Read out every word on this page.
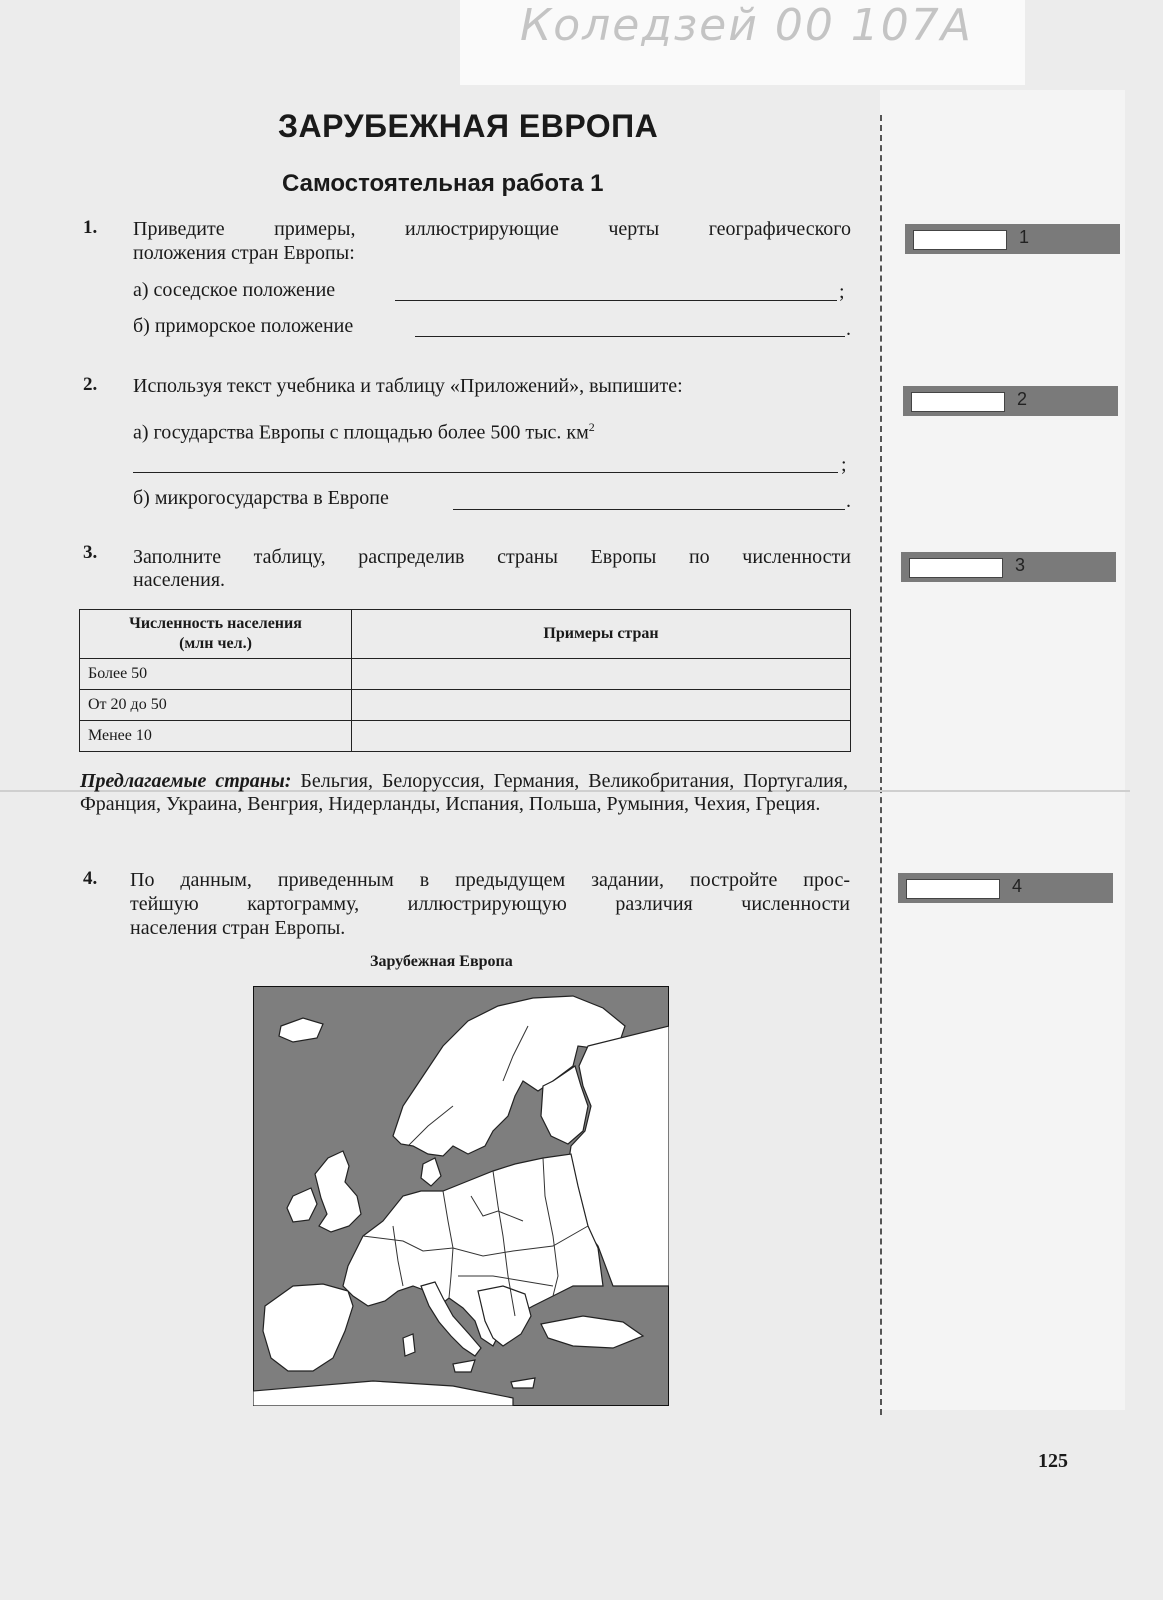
Коледзей 00 107A
ЗАРУБЕЖНАЯ ЕВРОПА
Самостоятельная работа 1
1. Приведите примеры, иллюстрирующие черты географического
положения стран Европы:
а) соседское положение	;
б) приморское положение	.
2. Используя текст учебника и таблицу «Приложений», выпишите:
а) государства Европы с площадью более 500 тыс. $км^2$
;
б) микрогосударства в Европе	.
3. Заполните таблицу, распределив страны Европы по численности
населения.
Численность населения
(млн чел.)	Примеры стран
Более 50	
От 20 до 50	
Менее 10	
Предлагаемые страны: Бельгия, Белоруссия, Германия, Великобритания, Португалия, Франция, Украина, Венгрия, Нидерланды, Испания, Польша, Румыния, Чехия, Греция.
4. По данным, приведенным в предыдущем задании, постройте прос-
тейшую картограмму, иллюстрирующую различия численности
населения стран Европы.
Зарубежная Европа
1
2
3
4
125
